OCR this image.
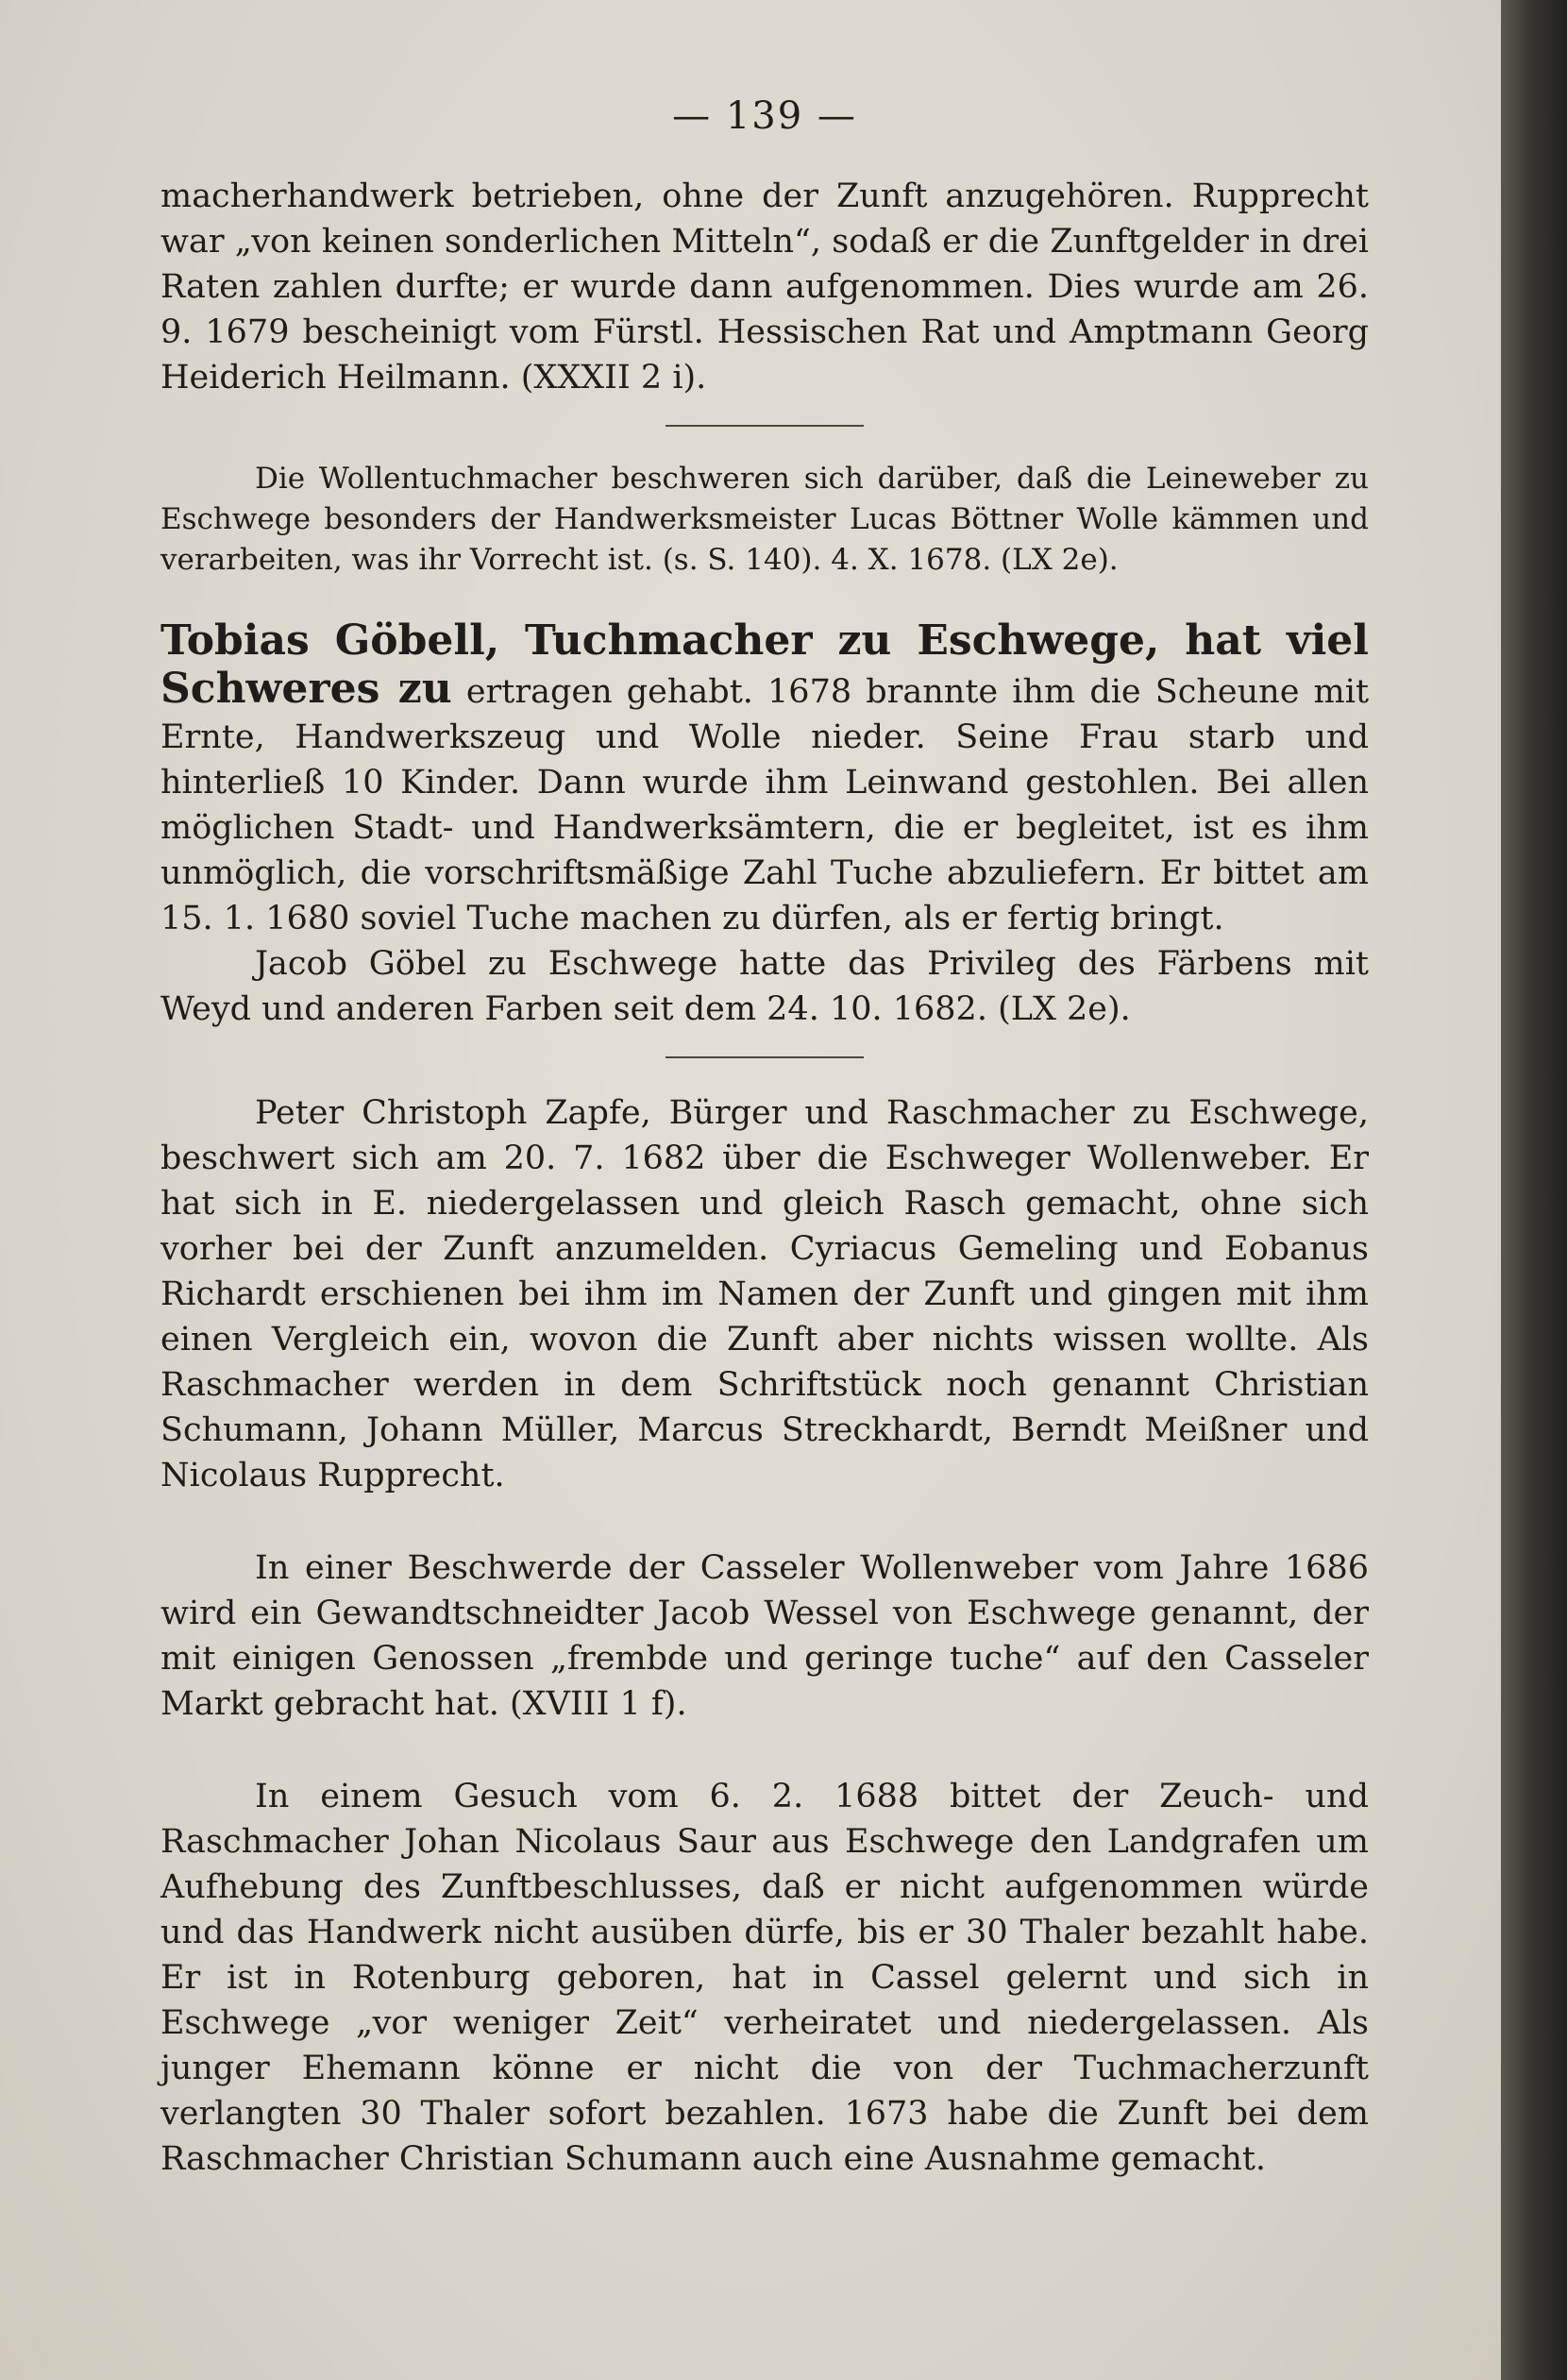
— 139 —

macherhandwerk betrieben, ohne der Zunft anzugehören. Rupprecht war „von keinen sonderlichen Mitteln“, sodaß er die Zunftgelder in drei Raten zahlen durfte; er wurde dann aufgenommen. Dies wurde am 26. 9. 1679 bescheinigt vom Fürstl. Hessischen Rat und Amptmann Georg Heiderich Heilmann. (XXXII 2 i).

Die Wollentuchmacher beschweren sich darüber, daß die Leineweber zu Eschwege besonders der Handwerksmeister Lucas Böttner Wolle kämmen und verarbeiten, was ihr Vorrecht ist. (s. S. 140). 4. X. 1678. (LX 2e).

Tobias Göbell, Tuchmacher zu Eschwege, hat viel Schweres zu ertragen gehabt. 1678 brannte ihm die Scheune mit Ernte, Handwerkszeug und Wolle nieder. Seine Frau starb und hinterließ 10 Kinder. Dann wurde ihm Leinwand gestohlen. Bei allen möglichen Stadt- und Handwerksämtern, die er begleitet, ist es ihm unmöglich, die vorschriftsmäßige Zahl Tuche abzuliefern. Er bittet am 15. 1. 1680 soviel Tuche machen zu dürfen, als er fertig bringt.

Jacob Göbel zu Eschwege hatte das Privileg des Färbens mit Weyd und anderen Farben seit dem 24. 10. 1682. (LX 2e).

Peter Christoph Zapfe, Bürger und Raschmacher zu Eschwege, beschwert sich am 20. 7. 1682 über die Eschweger Wollenweber. Er hat sich in E. niedergelassen und gleich Rasch gemacht, ohne sich vorher bei der Zunft anzumelden. Cyriacus Gemeling und Eobanus Richardt erschienen bei ihm im Namen der Zunft und gingen mit ihm einen Vergleich ein, wovon die Zunft aber nichts wissen wollte. Als Raschmacher werden in dem Schriftstück noch genannt Christian Schumann, Johann Müller, Marcus Streckhardt, Berndt Meißner und Nicolaus Rupprecht.

In einer Beschwerde der Casseler Wollenweber vom Jahre 1686 wird ein Gewandtschneidter Jacob Wessel von Eschwege genannt, der mit einigen Genossen „frembde und geringe tuche“ auf den Casseler Markt gebracht hat. (XVIII 1 f).

In einem Gesuch vom 6. 2. 1688 bittet der Zeuch- und Raschmacher Johan Nicolaus Saur aus Eschwege den Landgrafen um Aufhebung des Zunftbeschlusses, daß er nicht aufgenommen würde und das Handwerk nicht ausüben dürfe, bis er 30 Thaler bezahlt habe. Er ist in Rotenburg geboren, hat in Cassel gelernt und sich in Eschwege „vor weniger Zeit“ verheiratet und niedergelassen. Als junger Ehemann könne er nicht die von der Tuchmacherzunft verlangten 30 Thaler sofort bezahlen. 1673 habe die Zunft bei dem Raschmacher Christian Schumann auch eine Ausnahme gemacht.
